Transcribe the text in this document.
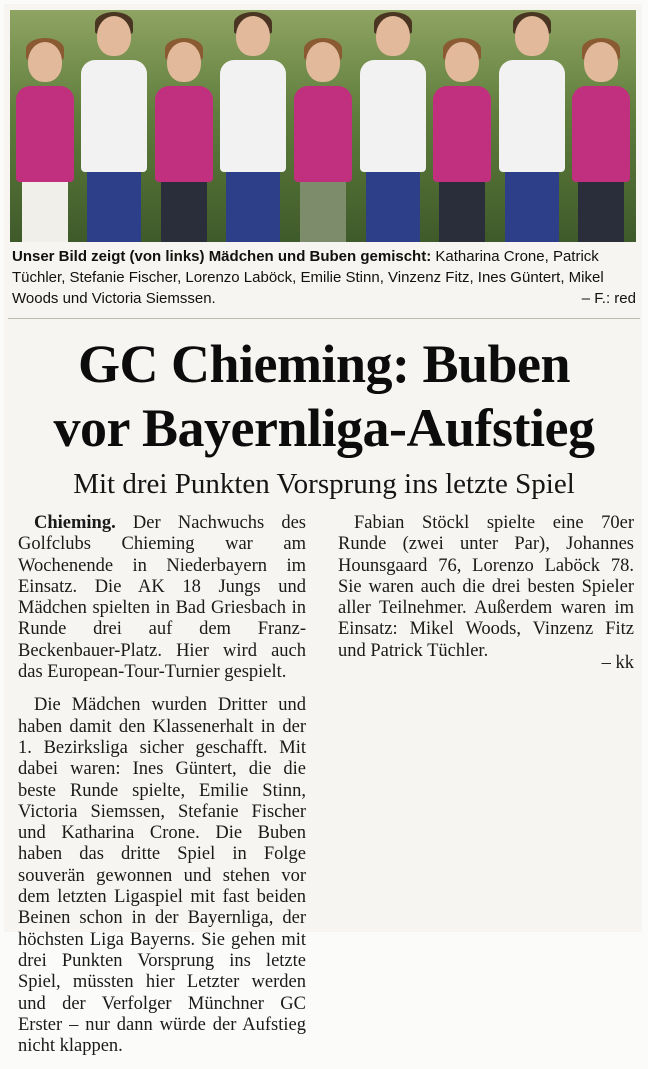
Unser Bild zeigt (von links) Mädchen und Buben gemischt: Katharina Crone, Patrick Tüchler, Stefanie Fischer, Lorenzo Laböck, Emilie Stinn, Vinzenz Fitz, Ines Güntert, Mikel Woods und Victoria Siemssen.	– F.: red
GC Chieming: Buben
vor Bayernliga-Aufstieg
Mit drei Punkten Vorsprung ins letzte Spiel

Chieming. Der Nachwuchs des Golfclubs Chieming war am Wochenende in Niederbayern im Einsatz. Die AK 18 Jungs und Mädchen spielten in Bad Griesbach in Runde drei auf dem Franz-Beckenbauer-Platz. Hier wird auch das European-Tour-Turnier gespielt.

Die Mädchen wurden Dritter und haben damit den Klassenerhalt in der 1. Bezirksliga sicher geschafft. Mit dabei waren: Ines Güntert, die die beste Runde spielte, Emilie Stinn, Victoria Siemssen, Stefanie Fischer und Katharina Crone. Die Buben haben das dritte Spiel in Folge souverän gewonnen und stehen vor dem letzten Ligaspiel mit fast beiden Beinen schon in der Bayernliga, der höchsten Liga Bayerns. Sie gehen mit drei Punkten Vorsprung ins letzte Spiel, müssten hier Letzter werden und der Verfolger Münchner GC Erster – nur dann würde der Aufstieg nicht klappen.

Fabian Stöckl spielte eine 70er Runde (zwei unter Par), Johannes Hounsgaard 76, Lorenzo Laböck 78. Sie waren auch die drei besten Spieler aller Teilnehmer. Außerdem waren im Einsatz: Mikel Woods, Vinzenz Fitz und Patrick Tüchler.

– kk
